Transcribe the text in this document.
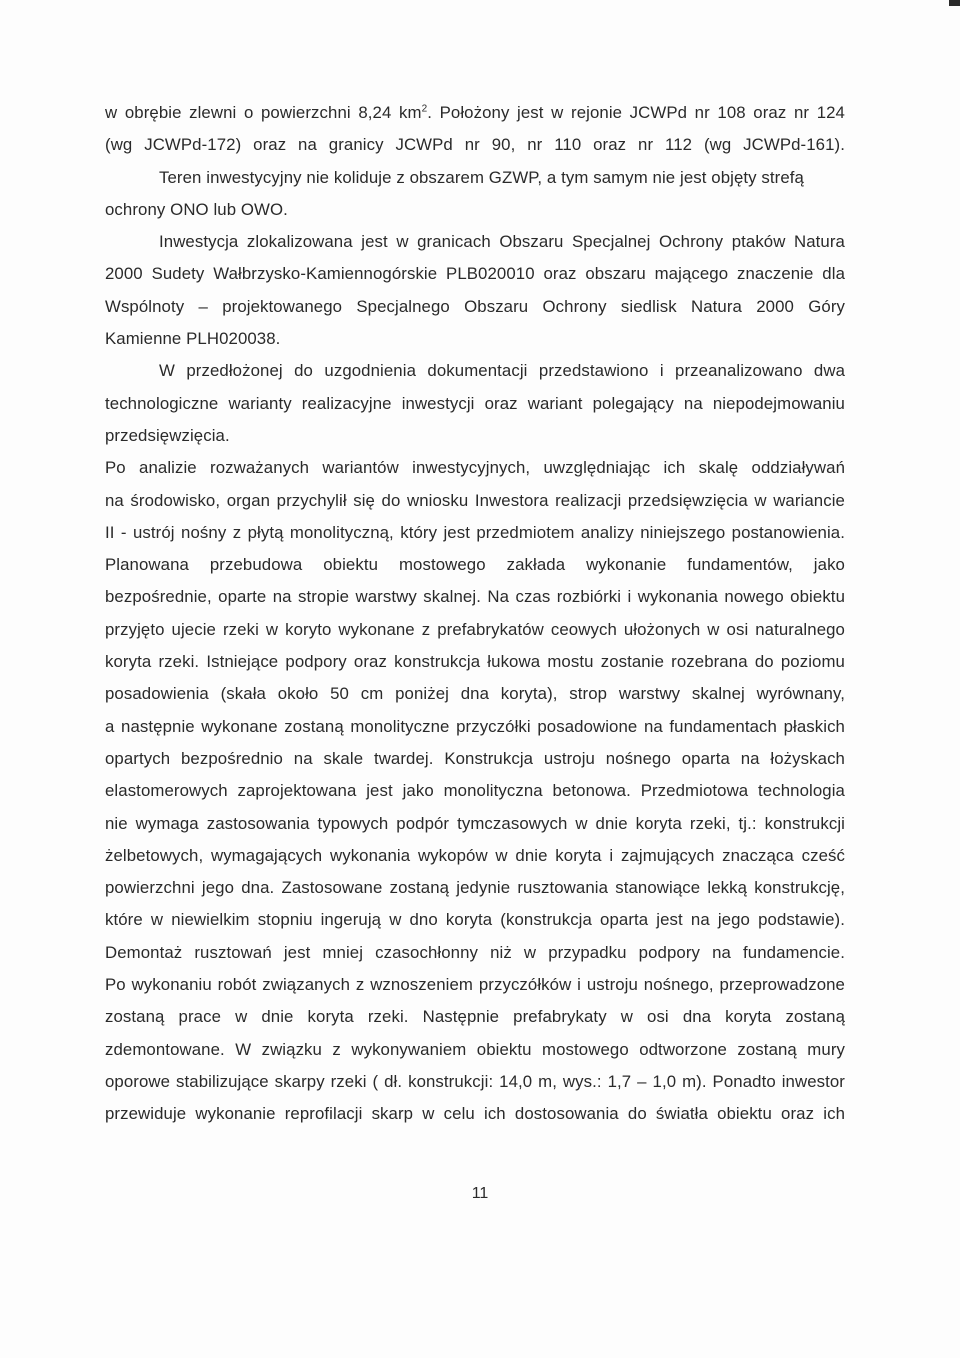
w obrębie zlewni o powierzchni 8,24 $km^2$. Położony jest w rejonie JCWPd nr 108 oraz nr 124
(wg JCWPd-172) oraz na granicy JCWPd nr 90, nr 110 oraz nr 112 (wg JCWPd-161).
Teren inwestycyjny nie koliduje z obszarem GZWP, a tym samym nie jest objęty strefą
ochrony ONO lub OWO.
Inwestycja zlokalizowana jest w granicach Obszaru Specjalnej Ochrony ptaków Natura
2000 Sudety Wałbrzysko-Kamiennogórskie PLB020010 oraz obszaru mającego znaczenie dla
Wspólnoty – projektowanego Specjalnego Obszaru Ochrony siedlisk Natura 2000 Góry
Kamienne PLH020038.
W przedłożonej do uzgodnienia dokumentacji przedstawiono i przeanalizowano dwa
technologiczne warianty realizacyjne inwestycji oraz wariant polegający na niepodejmowaniu
przedsięwzięcia.
Po analizie rozważanych wariantów inwestycyjnych, uwzględniając ich skalę oddziaływań
na środowisko, organ przychylił się do wniosku Inwestora realizacji przedsięwzięcia w wariancie
II - ustrój nośny z płytą monolityczną, który jest przedmiotem analizy niniejszego postanowienia.
Planowana przebudowa obiektu mostowego zakłada wykonanie fundamentów, jako
bezpośrednie, oparte na stropie warstwy skalnej. Na czas rozbiórki i wykonania nowego obiektu
przyjęto ujecie rzeki w koryto wykonane z prefabrykatów ceowych ułożonych w osi naturalnego
koryta rzeki. Istniejące podpory oraz konstrukcja łukowa mostu zostanie rozebrana do poziomu
posadowienia (skała około 50 cm poniżej dna koryta), strop warstwy skalnej wyrównany,
a następnie wykonane zostaną monolityczne przyczółki posadowione na fundamentach płaskich
opartych bezpośrednio na skale twardej. Konstrukcja ustroju nośnego oparta na łożyskach
elastomerowych zaprojektowana jest jako monolityczna betonowa. Przedmiotowa technologia
nie wymaga zastosowania typowych podpór tymczasowych w dnie koryta rzeki, tj.: konstrukcji
żelbetowych, wymagających wykonania wykopów w dnie koryta i zajmujących znacząca cześć
powierzchni jego dna. Zastosowane zostaną jedynie rusztowania stanowiące lekką konstrukcję,
które w niewielkim stopniu ingerują w dno koryta (konstrukcja oparta jest na jego podstawie).
Demontaż rusztowań jest mniej czasochłonny niż w przypadku podpory na fundamencie.
Po wykonaniu robót związanych z wznoszeniem przyczółków i ustroju nośnego, przeprowadzone
zostaną prace w dnie koryta rzeki. Następnie prefabrykaty w osi dna koryta zostaną
zdemontowane. W związku z wykonywaniem obiektu mostowego odtworzone zostaną mury
oporowe stabilizujące skarpy rzeki ( dł. konstrukcji: 14,0 m, wys.: 1,7 – 1,0 m). Ponadto inwestor
przewiduje wykonanie reprofilacji skarp w celu ich dostosowania do światła obiektu oraz ich
11
